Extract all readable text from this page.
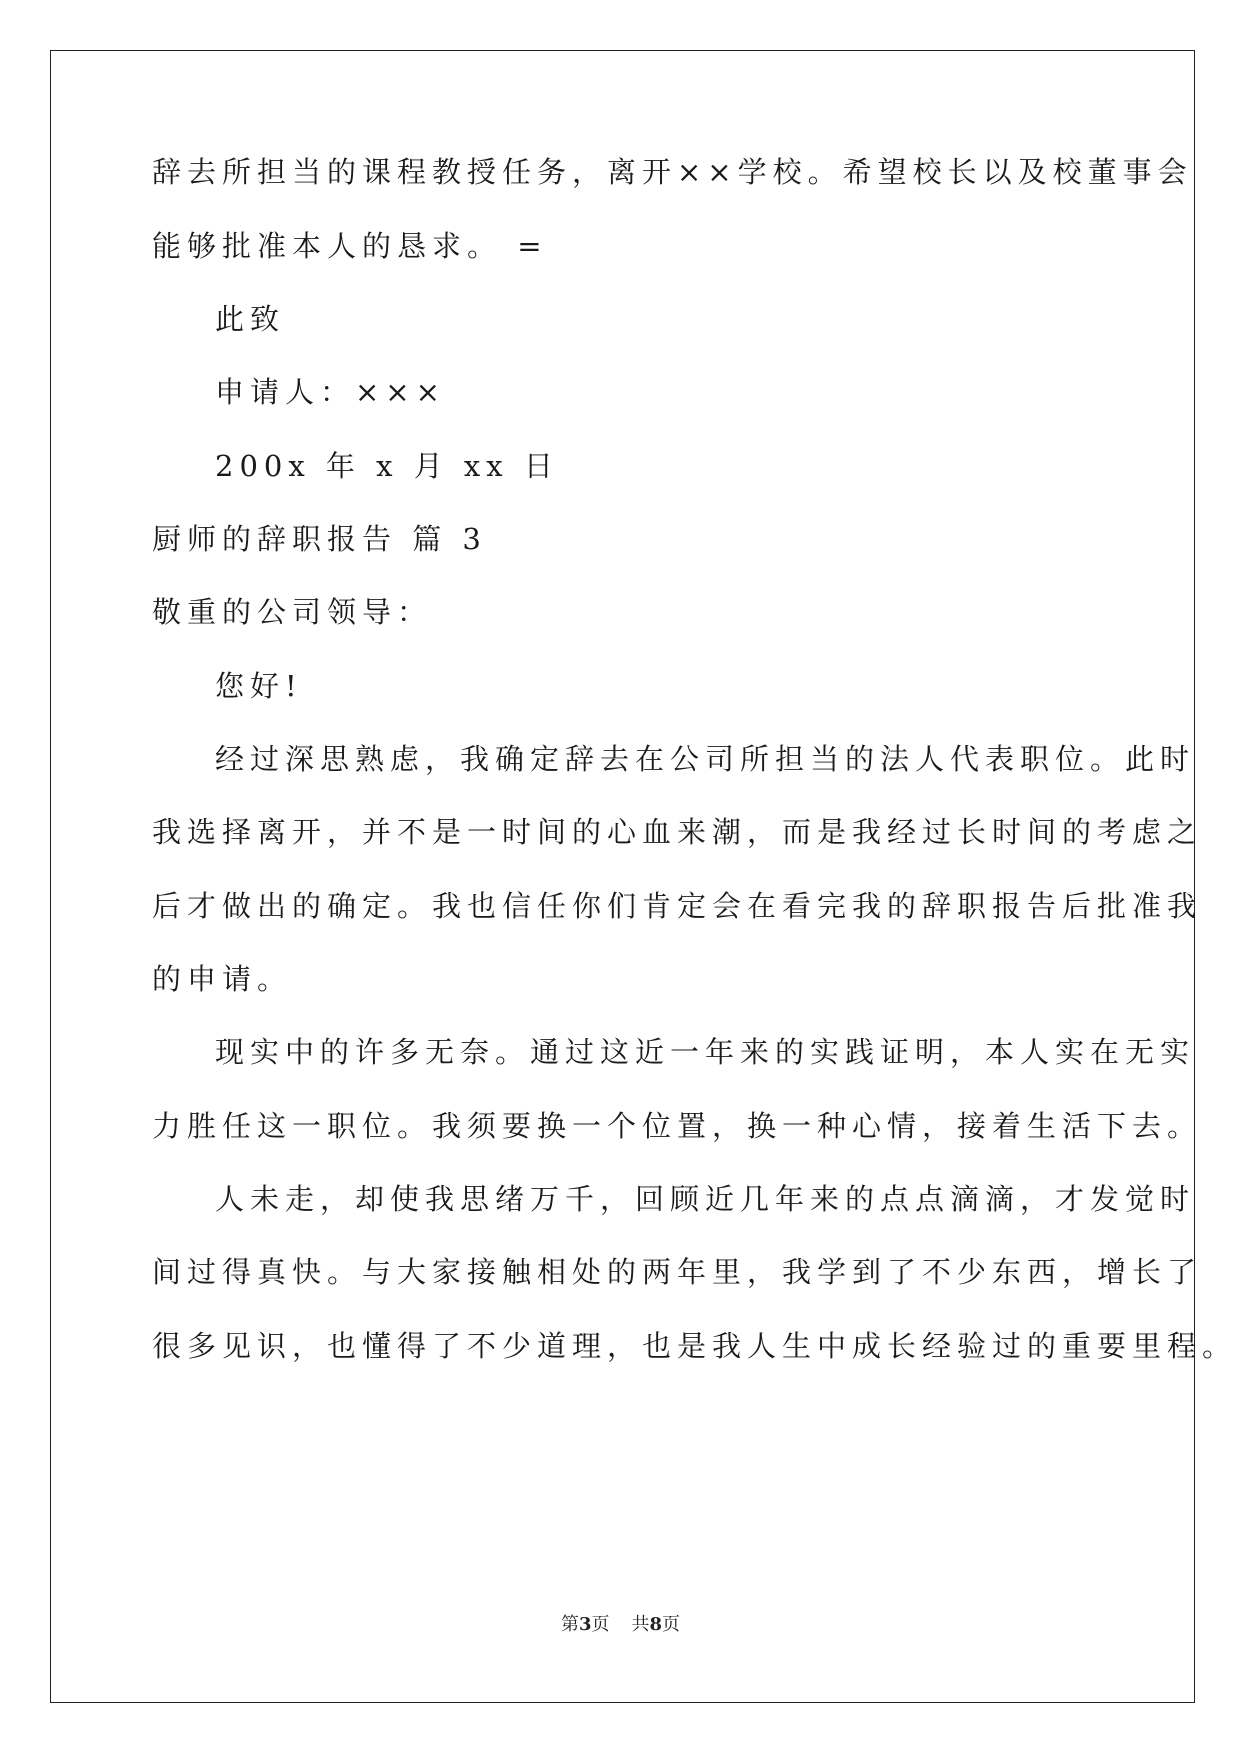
辞去所担当的课程教授任务，离开××学校。希望校长以及校董事会
能够批准本人的恳求。 =
此致
申请人：×××
200x 年 x 月 xx 日
厨师的辞职报告 篇 3
敬重的公司领导：
您好!
经过深思熟虑，我确定辞去在公司所担当的法人代表职位。此时
我选择离开，并不是一时间的心血来潮，而是我经过长时间的考虑之
后才做出的确定。我也信任你们肯定会在看完我的辞职报告后批准我
的申请。
现实中的许多无奈。通过这近一年来的实践证明，本人实在无实
力胜任这一职位。我须要换一个位置，换一种心情，接着生活下去。
人未走，却使我思绪万千，回顾近几年来的点点滴滴，才发觉时
间过得真快。与大家接触相处的两年里，我学到了不少东西，增长了
很多见识，也懂得了不少道理，也是我人生中成长经验过的重要里程。
第3页 共8页
